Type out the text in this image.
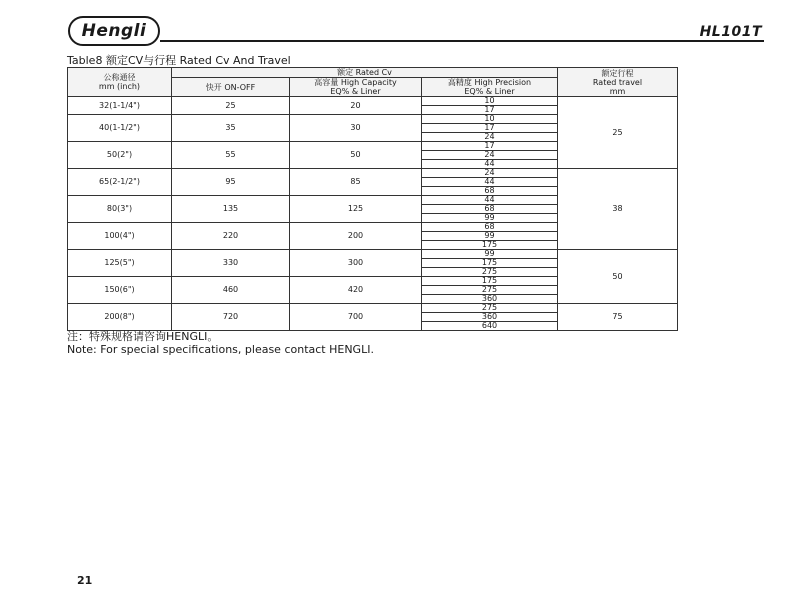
Hengli	HL101T
Table8 额定CV与行程 Rated Cv And Travel
公称通径
mm (inch)	额定 Rated Cv			额定行程
Rated travel
mm
	快开 ON-OFF	高容量 High Capacity
EQ% & Liner	高精度 High Precision
EQ% & Liner	
32(1-1/4")	25	20	10	25
			17	
40(1-1/2")	35	30	10	
			17	
			24	
50(2")	55	50	17	
			24	
			44	
65(2-1/2")	95	85	24	38
			44	
			68	
80(3")	135	125	44	
			68	
			99	
100(4")	220	200	68	
			99	
			175	
125(5")	330	300	99	50
			175	
			275	
150(6")	460	420	175	
			275	
			360	
200(8")	720	700	275	75
			360	
			640	
注：特殊规格请咨询HENGLI。
Note: For special specifications, please contact HENGLI.
21
